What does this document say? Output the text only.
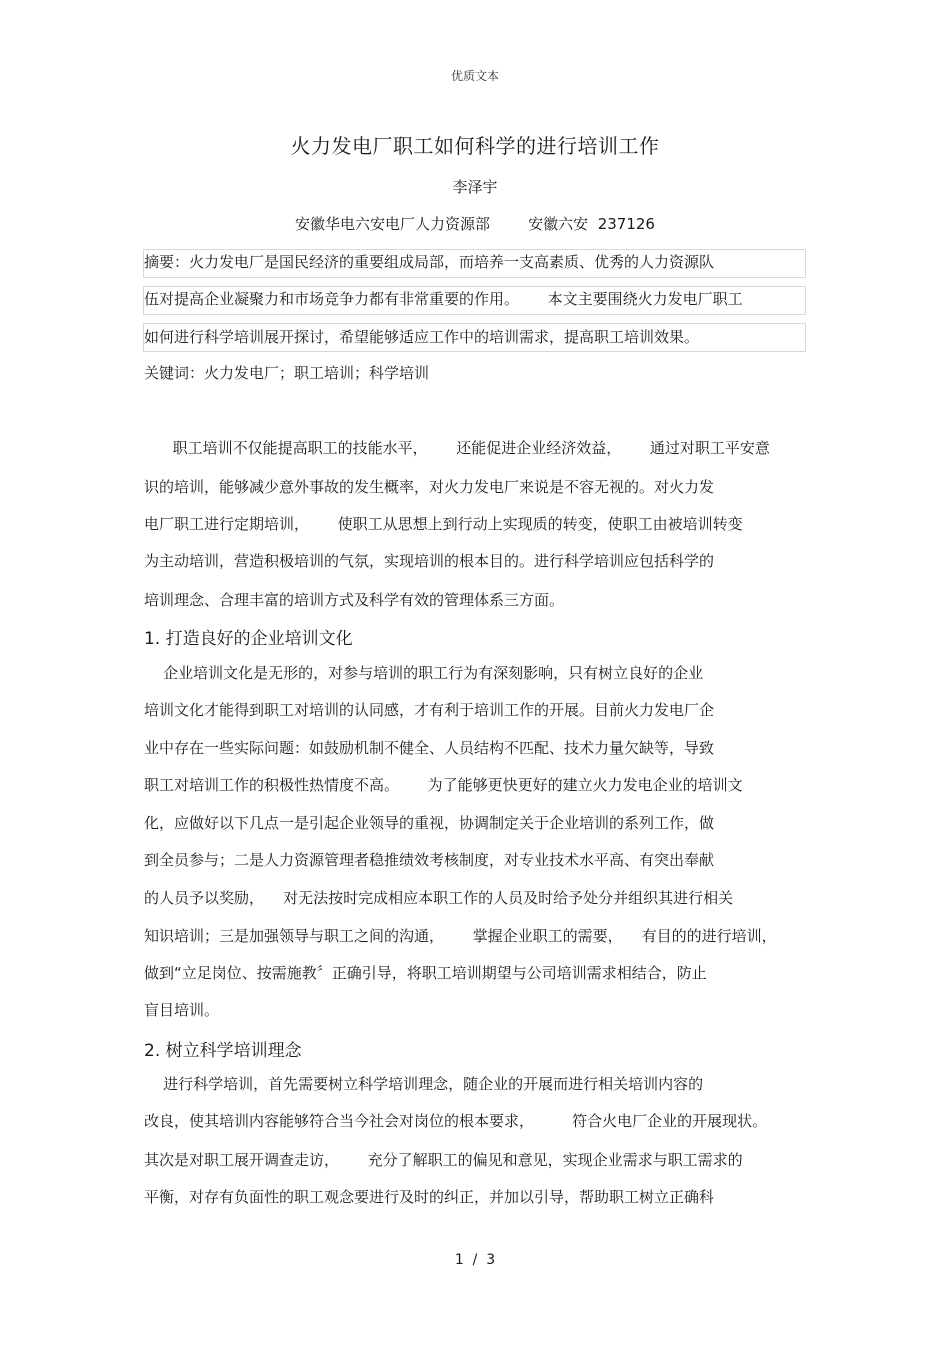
优质文本
火力发电厂职工如何科学的进行培训工作
李泽宇
安徽华电六安电厂人力资源部        安徽六安  237126
摘要：火力发电厂是国民经济的重要组成局部，而培养一支高素质、优秀的人力资源队
伍对提高企业凝聚力和市场竞争力都有非常重要的作用。      本文主要围绕火力发电厂职工
如何进行科学培训展开探讨，希望能够适应工作中的培训需求，提高职工培训效果。
关键词：火力发电厂；职工培训；科学培训
职工培训不仅能提高职工的技能水平，      还能促进企业经济效益，      通过对职工平安意
识的培训，能够减少意外事故的发生概率，对火力发电厂来说是不容无视的。对火力发
电厂职工进行定期培训，      使职工从思想上到行动上实现质的转变，使职工由被培训转变
为主动培训，营造积极培训的气氛，实现培训的根本目的。进行科学培训应包括科学的
培训理念、合理丰富的培训方式及科学有效的管理体系三方面。
1. 打造良好的企业培训文化
企业培训文化是无形的，对参与培训的职工行为有深刻影响，只有树立良好的企业
培训文化才能得到职工对培训的认同感，才有利于培训工作的开展。目前火力发电厂企
业中存在一些实际问题：如鼓励机制不健全、人员结构不匹配、技术力量欠缺等，导致
职工对培训工作的积极性热情度不高。      为了能够更快更好的建立火力发电企业的培训文
化，应做好以下几点一是引起企业领导的重视，协调制定关于企业培训的系列工作，做
到全员参与；二是人力资源管理者稳推绩效考核制度，对专业技术水平高、有突出奉献
的人员予以奖励，    对无法按时完成相应本职工作的人员及时给予处分并组织其进行相关
知识培训；三是加强领导与职工之间的沟通，      掌握企业职工的需要，    有目的的进行培训，
做到“立足岗位、按需施教〞正确引导，将职工培训期望与公司培训需求相结合，防止
盲目培训。
2. 树立科学培训理念
进行科学培训，首先需要树立科学培训理念，随企业的开展而进行相关培训内容的
改良，使其培训内容能够符合当今社会对岗位的根本要求，        符合火电厂企业的开展现状。
其次是对职工展开调查走访，      充分了解职工的偏见和意见，实现企业需求与职工需求的
平衡，对存有负面性的职工观念要进行及时的纠正，并加以引导，帮助职工树立正确科
1  /  3
